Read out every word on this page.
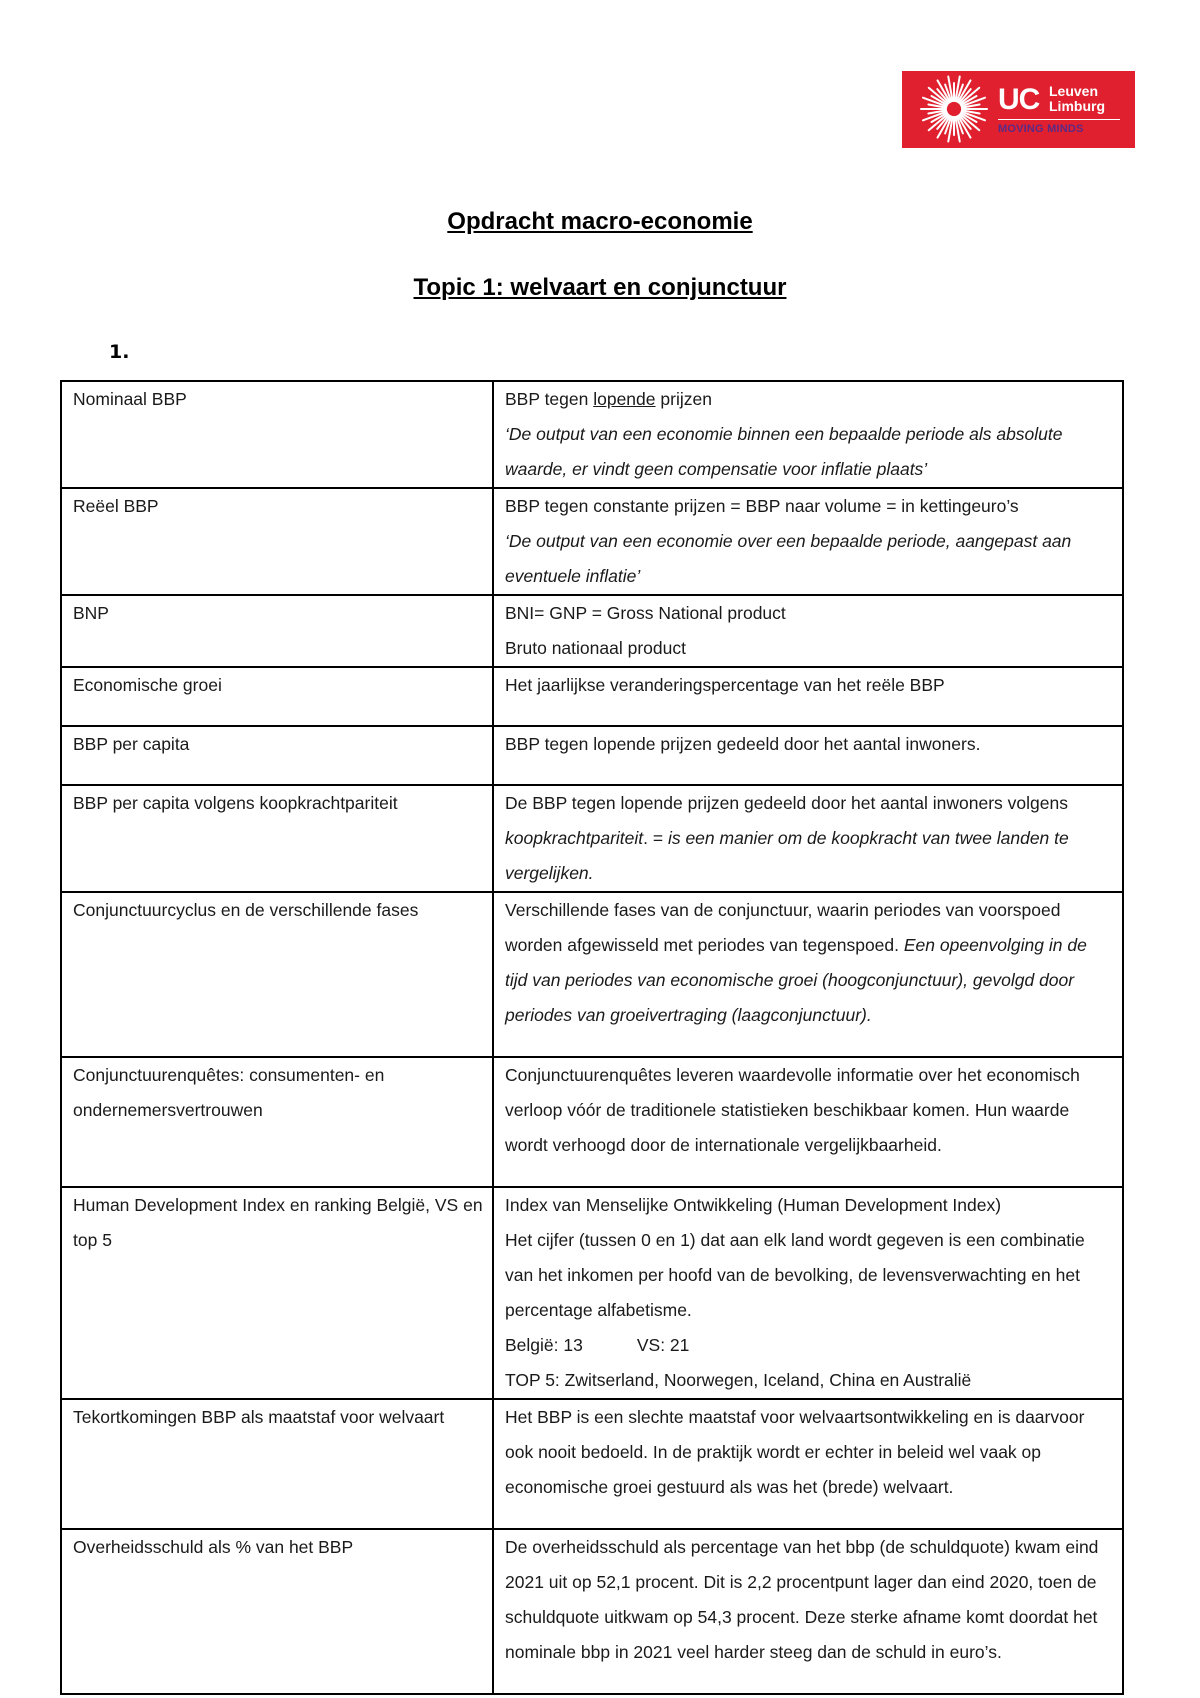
UC Leuven
Limburg
MOVING MINDS
Opdracht macro-economie
Topic 1: welvaart en conjunctuur
1.
Nominaal BBP	BBP tegen lopende prijzen

‘De output van een economie binnen een bepaalde periode als absolute waarde, er vindt geen compensatie voor inflatie plaats’

Reëel BBP	BBP tegen constante prijzen = BBP naar volume = in kettingeuro’s

‘De output van een economie over een bepaalde periode, aangepast aan eventuele inflatie’

BNP	BNI= GNP = Gross National product

Bruto nationaal product

Economische groei	Het jaarlijkse veranderingspercentage van het reële BBP
BBP per capita	BBP tegen lopende prijzen gedeeld door het aantal inwoners.
BBP per capita volgens koopkrachtpariteit	De BBP tegen lopende prijzen gedeeld door het aantal inwoners volgens koopkrachtpariteit. = is een manier om de koopkracht van twee landen te vergelijken.
Conjunctuurcyclus en de verschillende fases	Verschillende fases van de conjunctuur, waarin periodes van voorspoed worden afgewisseld met periodes van tegenspoed. Een opeenvolging in de tijd van periodes van economische groei (hoogconjunctuur), gevolgd door periodes van groeivertraging (laagconjunctuur).
Conjunctuurenquêtes: consumenten- en ondernemersvertrouwen	Conjunctuurenquêtes leveren waardevolle informatie over het economisch verloop vóór de traditionele statistieken beschikbaar komen. Hun waarde wordt verhoogd door de internationale vergelijkbaarheid.
Human Development Index en ranking België, VS en top 5	Index van Menselijke Ontwikkeling (Human Development Index)

Het cijfer (tussen 0 en 1) dat aan elk land wordt gegeven is een combinatie van het inkomen per hoofd van de bevolking, de levensverwachting en het percentage alfabetisme.

België: 13 VS: 21

TOP 5: Zwitserland, Noorwegen, Iceland, China en Australië

Tekortkomingen BBP als maatstaf voor welvaart	Het BBP is een slechte maatstaf voor welvaartsontwikkeling en is daarvoor ook nooit bedoeld. In de praktijk wordt er echter in beleid wel vaak op economische groei gestuurd als was het (brede) welvaart.
Overheidsschuld als % van het BBP	De overheidsschuld als percentage van het bbp (de schuldquote) kwam eind 2021 uit op 52,1 procent. Dit is 2,2 procentpunt lager dan eind 2020, toen de schuldquote uitkwam op 54,3 procent. Deze sterke afname komt doordat het nominale bbp in 2021 veel harder steeg dan de schuld in euro’s.
